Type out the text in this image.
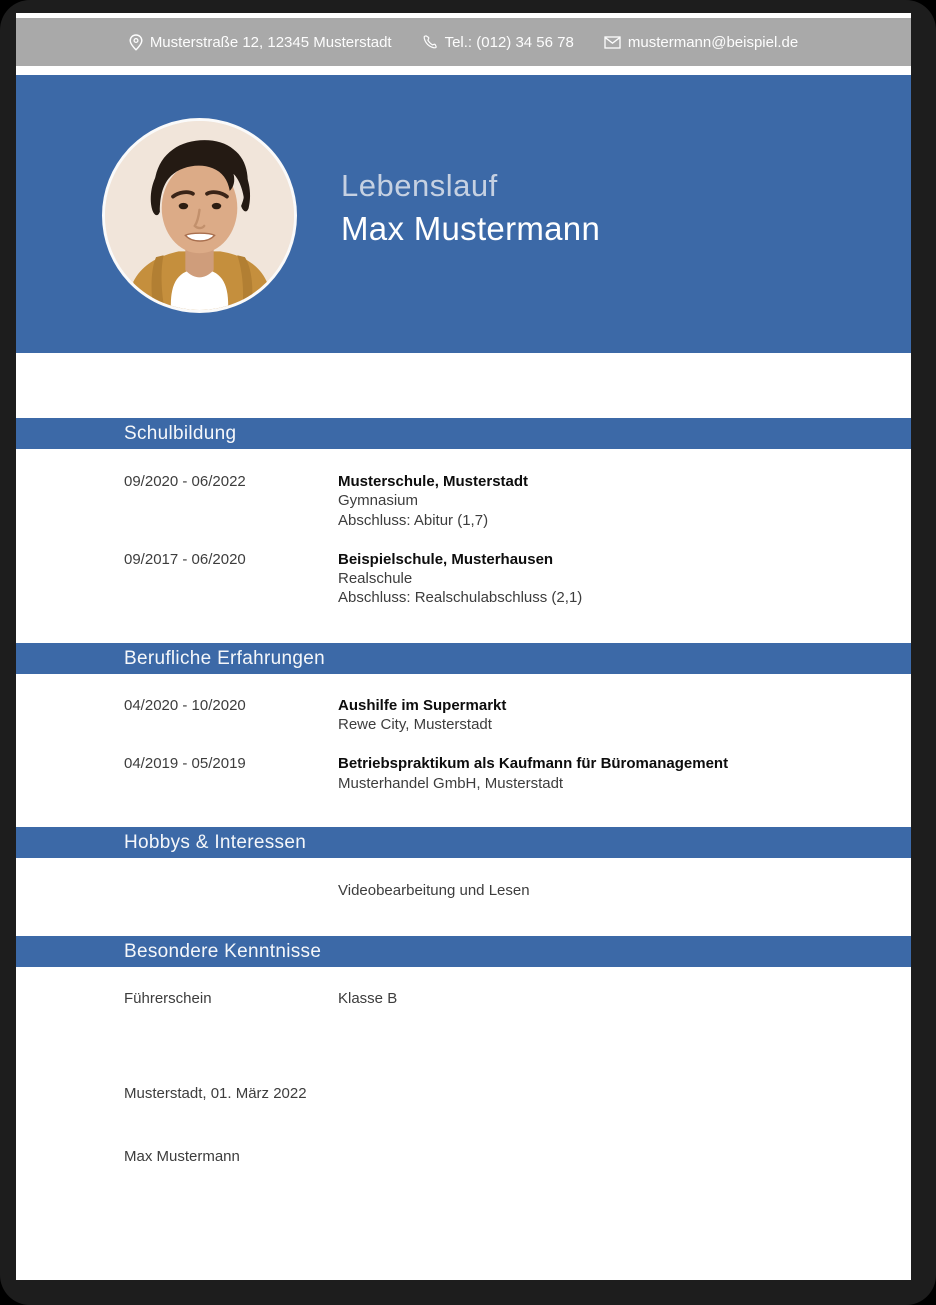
Musterstraße 12, 12345 Musterstadt	Tel.: (012) 34 56 78	mustermann@beispiel.de
Lebenslauf
Max Mustermann
Schulbildung
09/2020 - 06/2022	Musterschule, Musterstadt
Gymnasium
Abschluss: Abitur (1,7)
09/2017 - 06/2020	Beispielschule, Musterhausen
Realschule
Abschluss: Realschulabschluss (2,1)
Berufliche Erfahrungen
04/2020 - 10/2020	Aushilfe im Supermarkt
Rewe City, Musterstadt
04/2019 - 05/2019	Betriebspraktikum als Kaufmann für Büromanagement
Musterhandel GmbH, Musterstadt
Hobbys & Interessen
Videobearbeitung und Lesen
Besondere Kenntnisse
Führerschein	Klasse B
Musterstadt, 01. März 2022
Max Mustermann
